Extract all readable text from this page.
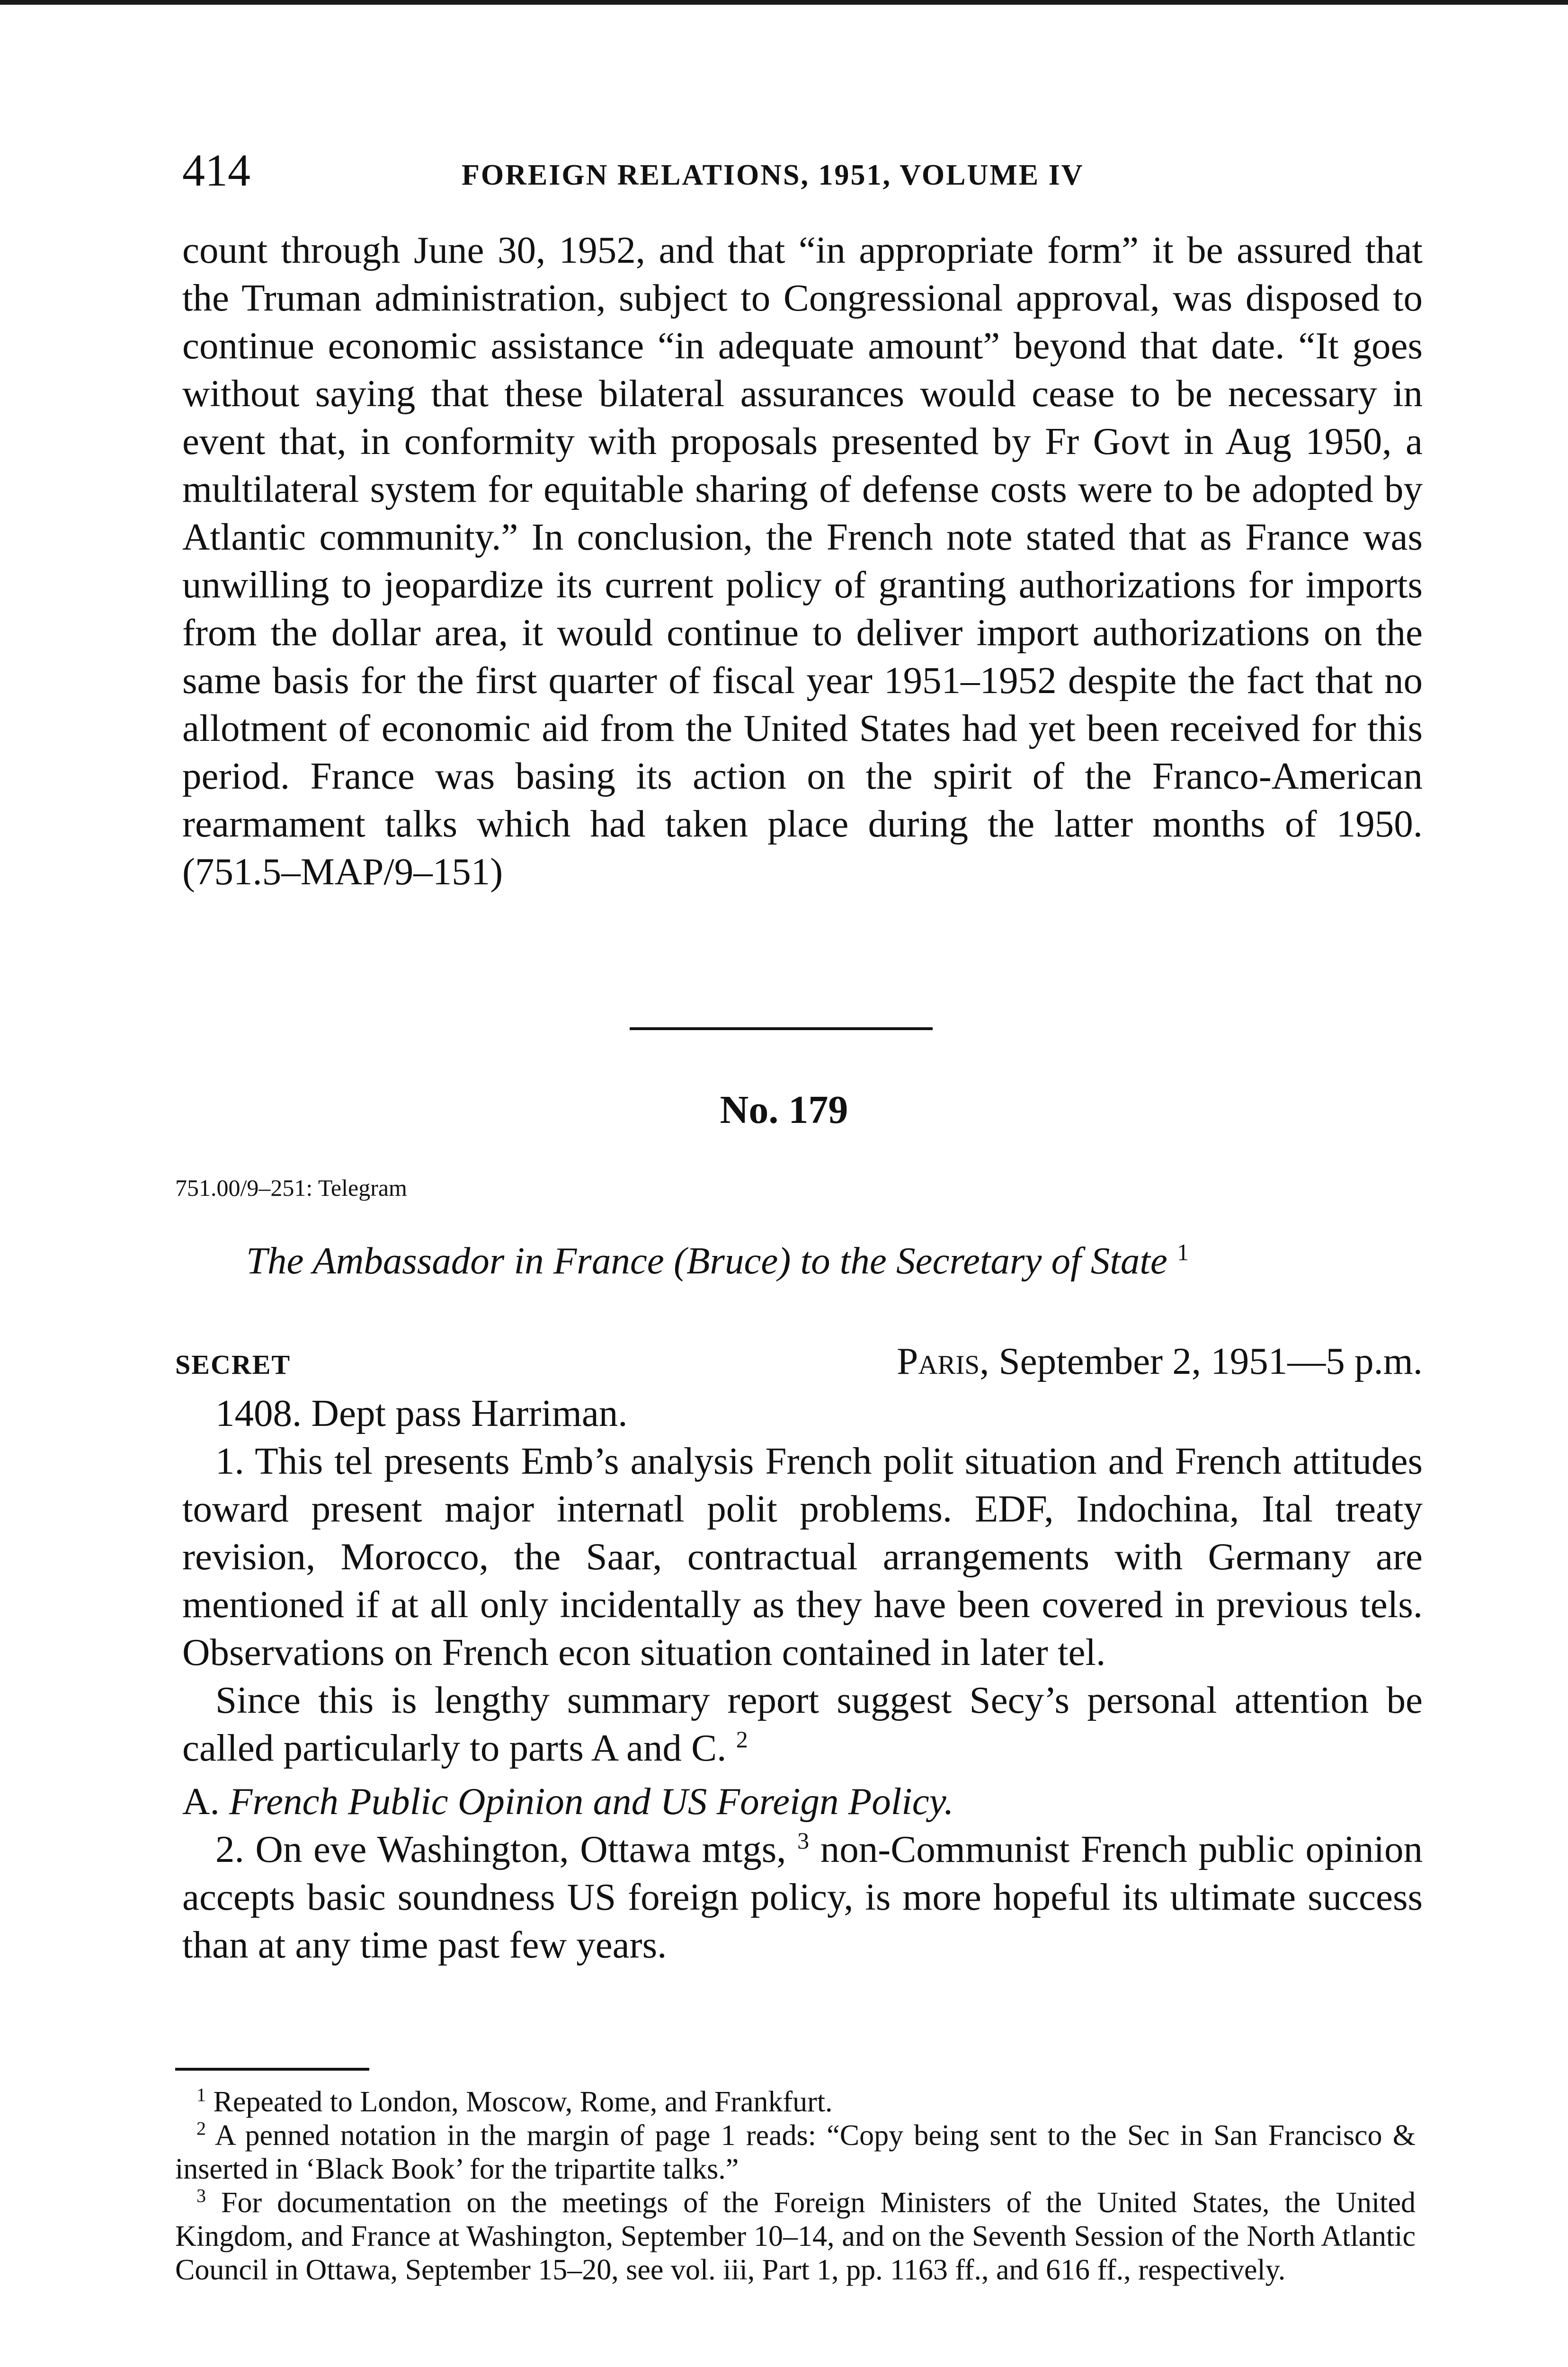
414	FOREIGN RELATIONS, 1951, VOLUME IV
count through June 30, 1952, and that “in appropriate form” it be assured that the Truman administration, subject to Congressional approval, was disposed to continue economic assistance “in adequate amount” beyond that date. “It goes without saying that these bilateral assurances would cease to be necessary in event that, in conformity with proposals presented by Fr Govt in Aug 1950, a multilateral system for equitable sharing of defense costs were to be adopted by Atlantic community.” In conclusion, the French note stated that as France was unwilling to jeopardize its current policy of granting authorizations for imports from the dollar area, it would continue to deliver import authorizations on the same basis for the first quarter of fiscal year 1951–1952 despite the fact that no allotment of economic aid from the United States had yet been received for this period. France was basing its action on the spirit of the Franco-American rearmament talks which had taken place during the latter months of 1950. (751.5–MAP/9–151)
No. 179
751.00/9–251: Telegram
The Ambassador in France (Bruce) to the Secretary of State $^1$
SECRET	Paris, September 2, 1951—5 p.m.

1408. Dept pass Harriman.

1. This tel presents Emb’s analysis French polit situation and French attitudes toward present major internatl polit problems. EDF, Indochina, Ital treaty revision, Morocco, the Saar, contractual arrangements with Germany are mentioned if at all only incidentally as they have been covered in previous tels. Observations on French econ situation contained in later tel.

Since this is lengthy summary report suggest Secy’s personal attention be called particularly to parts A and C. $^2$

A. French Public Opinion and US Foreign Policy.

2. On eve Washington, Ottawa mtgs, $^3$ non-Communist French public opinion accepts basic soundness US foreign policy, is more hopeful its ultimate success than at any time past few years.

$^1$ Repeated to London, Moscow, Rome, and Frankfurt.

$^2$ A penned notation in the margin of page 1 reads: “Copy being sent to the Sec in San Francisco & inserted in ‘Black Book’ for the tripartite talks.”

$^3$ For documentation on the meetings of the Foreign Ministers of the United States, the United Kingdom, and France at Washington, September 10–14, and on the Seventh Session of the North Atlantic Council in Ottawa, September 15–20, see vol. iii, Part 1, pp. 1163 ff., and 616 ff., respectively.
